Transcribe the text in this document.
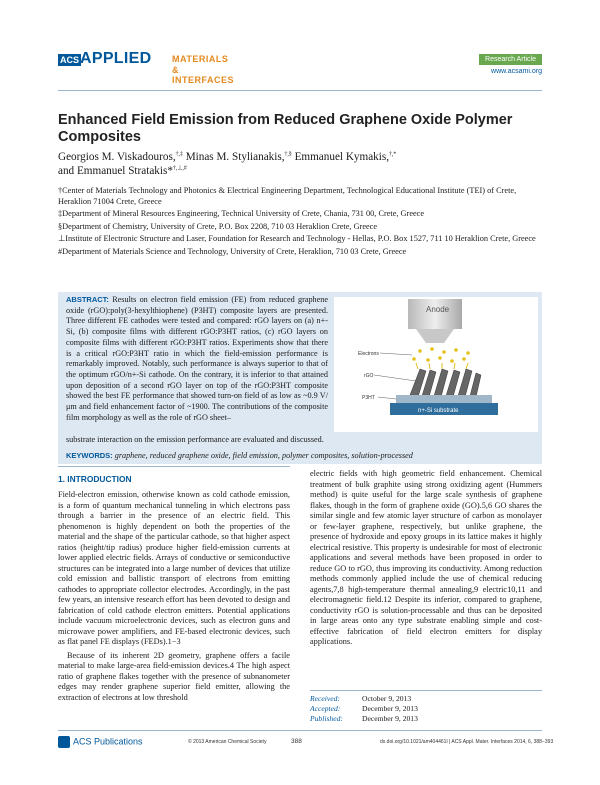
ACS APPLIED MATERIALS
& INTERFACES
Research Article
www.acsami.org
Enhanced Field Emission from Reduced Graphene Oxide Polymer Composites
Georgios M. Viskadouros,†,‡ Minas M. Stylianakis,†,§ Emmanuel Kymakis,†,*
and Emmanuel Stratakis*†,⊥,#
†Center of Materials Technology and Photonics & Electrical Engineering Department, Technological Educational Institute (TEI) of Crete, Heraklion 71004 Crete, Greece
‡Department of Mineral Resources Engineering, Technical University of Crete, Chania, 731 00, Crete, Greece
§Department of Chemistry, University of Crete, P.O. Box 2208, 710 03 Heraklion Crete, Greece
⊥Institute of Electronic Structure and Laser, Foundation for Research and Technology - Hellas, P.O. Box 1527, 711 10 Heraklion Crete, Greece
#Department of Materials Science and Technology, University of Crete, Heraklion, 710 03 Crete, Greece
ABSTRACT: Results on electron field emission (FE) from reduced graphene oxide (rGO):poly(3-hexylthiophene) (P3HT) composite layers are presented. Three different FE cathodes were tested and compared: rGO layers on (a) n+-Si, (b) composite films with different rGO:P3HT ratios, (c) rGO layers on composite films with different rGO:P3HT ratios. Experiments show that there is a critical rGO:P3HT ratio in which the field-emission performance is remarkably improved. Notably, such performance is always superior to that of the optimum rGO/n+-Si cathode. On the contrary, it is inferior to that attained upon deposition of a second rGO layer on top of the rGO:P3HT composite showed the best FE performance that showed turn-on field of as low as ~0.9 V/μm and field enhancement factor of ~1900. The contributions of the composite film morphology as well as the role of rGO sheet–
substrate interaction on the emission performance are evaluated and discussed.
Anode
n+-Si substrate
Electrons
rGO
P3HT
KEYWORDS: graphene, reduced graphene oxide, field emission, polymer composites, solution-processed
1. INTRODUCTION

Field-electron emission, otherwise known as cold cathode emission, is a form of quantum mechanical tunneling in which electrons pass through a barrier in the presence of an electric field. This phenomenon is highly dependent on both the properties of the material and the shape of the particular cathode, so that higher aspect ratios (height/tip radius) produce higher field-emission currents at lower applied electric fields. Arrays of conductive or semiconductive structures can be integrated into a large number of devices that utilize cold emission and ballistic transport of electrons from emitting cathodes to appropriate collector electrodes. Accordingly, in the past few years, an intensive research effort has been devoted to design and fabrication of cold cathode electron emitters. Potential applications include vacuum microelectronic devices, such as electron guns and microwave power amplifiers, and FE-based electronic devices, such as flat panel FE displays (FEDs).1−3

Because of its inherent 2D geometry, graphene offers a facile material to make large-area field-emission devices.4 The high aspect ratio of graphene flakes together with the presence of subnanometer edges may render graphene superior field emitter, allowing the extraction of electrons at low threshold

electric fields with high geometric field enhancement. Chemical treatment of bulk graphite using strong oxidizing agent (Hummers method) is quite useful for the large scale synthesis of graphene flakes, though in the form of graphene oxide (GO).5,6 GO shares the similar single and few atomic layer structure of carbon as monolayer or few-layer graphene, respectively, but unlike graphene, the presence of hydroxide and epoxy groups in its lattice makes it highly electrical resistive. This property is undesirable for most of electronic applications and several methods have been proposed in order to reduce GO to rGO, thus improving its conductivity. Among reduction methods commonly applied include the use of chemical reducing agents,7,8 high-temperature thermal annealing,9 electric10,11 and electromagnetic field.12 Despite its inferior, compared to graphene, conductivity rGO is solution-processable and thus can be deposited in large areas onto any type substrate enabling simple and cost-effective fabrication of field electron emitters for display applications.

Received:	October 9, 2013
Accepted:	December 9, 2013
Published:	December 9, 2013
ACS Publications	© 2013 American Chemical Society	388	dx.doi.org/10.1021/am404461l | ACS Appl. Mater. Interfaces 2014, 6, 388−393
